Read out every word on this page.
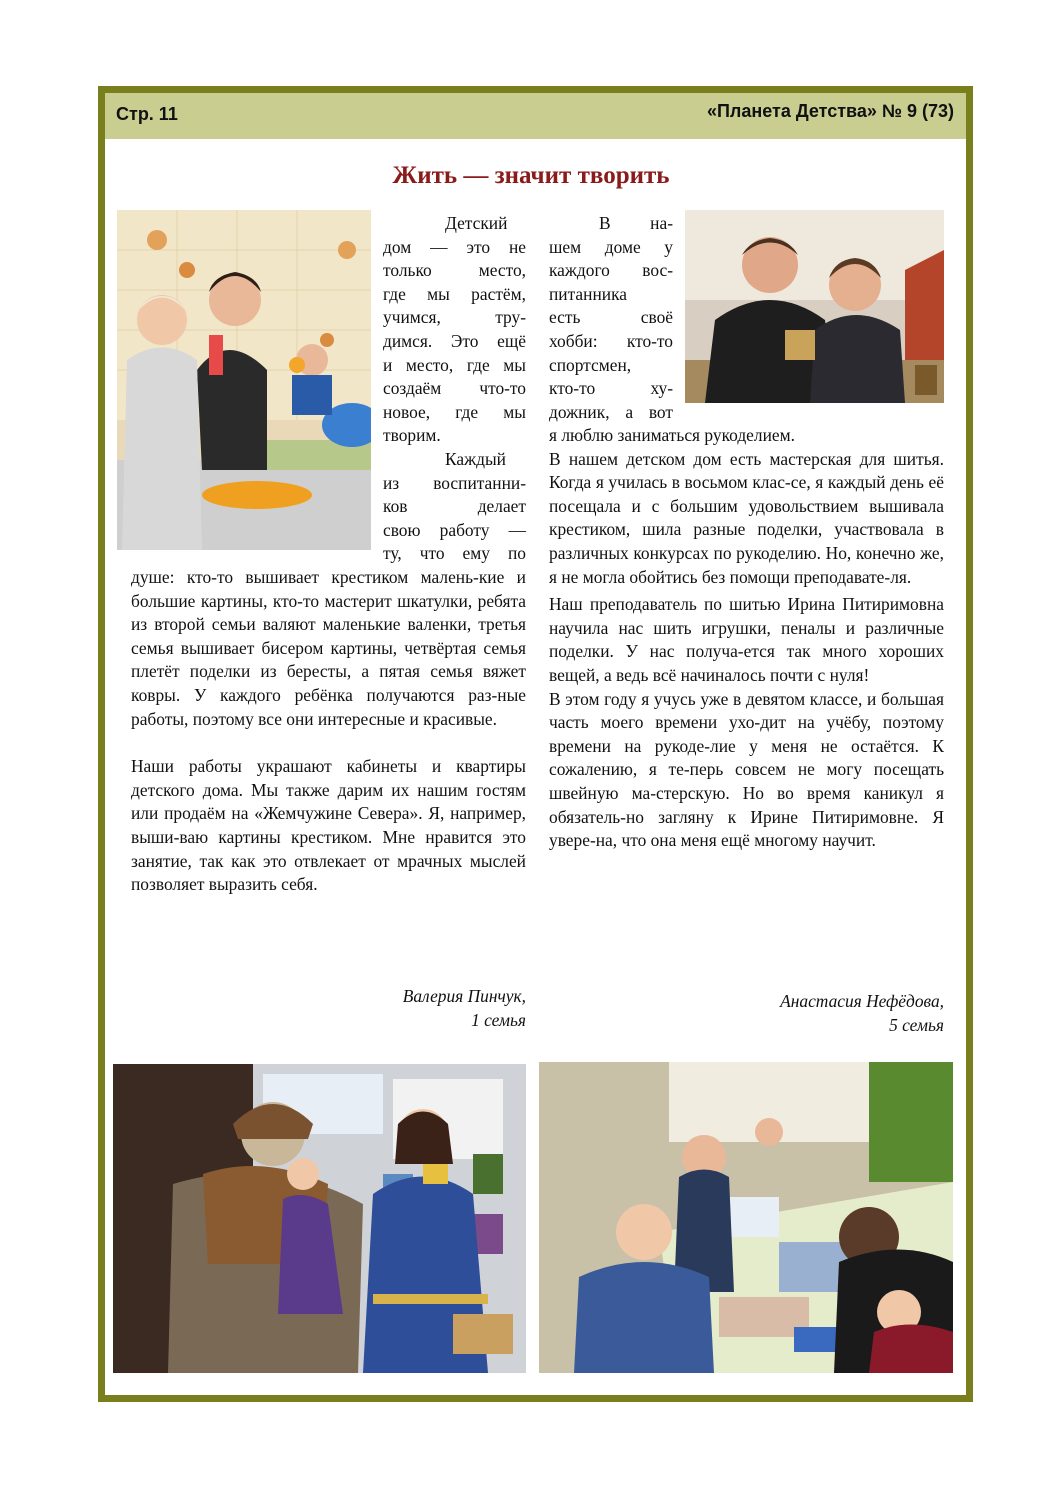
Стр. 11	«Планета Детства» № 9 (73)
Жить — значит творить

Детский

дом — это не

только место,

где мы растём,

учимся, тру-

димся. Это ещё

и место, где мы

создаём что-то

новое, где мы

творим.

Каждый

из воспитанни-

ков делает

свою работу —

ту, что ему по

душе: кто-то вышивает крестиком малень-кие и большие картины, кто-то мастерит шкатулки, ребята из второй семьи валяют маленькие валенки, третья семья вышивает бисером картины, четвёртая семья плетёт поделки из бересты, а пятая семья вяжет ковры. У каждого ребёнка получаются раз-ные работы, поэтому все они интересные и красивые.

Наши работы украшают кабинеты и квартиры детского дома. Мы также дарим их нашим гостям или продаём на «Жемчужине Севера». Я, например, выши-ваю картины крестиком. Мне нравится это занятие, так как это отвлекает от мрачных мыслей позволяет выразить себя.

Валерия Пинчук,
1 семья

В на-

шем доме у

каждого вос-

питанника

есть своё

хобби: кто-то

спортсмен,

кто-то ху-

дожник, а вот

я люблю заниматься рукоделием.

В нашем детском дом есть мастерская для шитья. Когда я училась в восьмом клас-се, я каждый день её посещала и с большим удовольствием вышивала крестиком, шила разные поделки, участвовала в различных конкурсах по рукоделию. Но, конечно же, я не могла обойтись без помощи преподавате-ля.

Наш преподаватель по шитью Ирина Питиримовна научила нас шить игрушки, пеналы и различные поделки. У нас получа-ется так много хороших вещей, а ведь всё начиналось почти с нуля!

В этом году я учусь уже в девятом классе, и большая часть моего времени ухо-дит на учёбу, поэтому времени на рукоде-лие у меня не остаётся. К сожалению, я те-перь совсем не могу посещать швейную ма-стерскую. Но во время каникул я обязатель-но загляну к Ирине Питиримовне. Я увере-на, что она меня ещё многому научит.

Анастасия Нефёдова,
5 семья
